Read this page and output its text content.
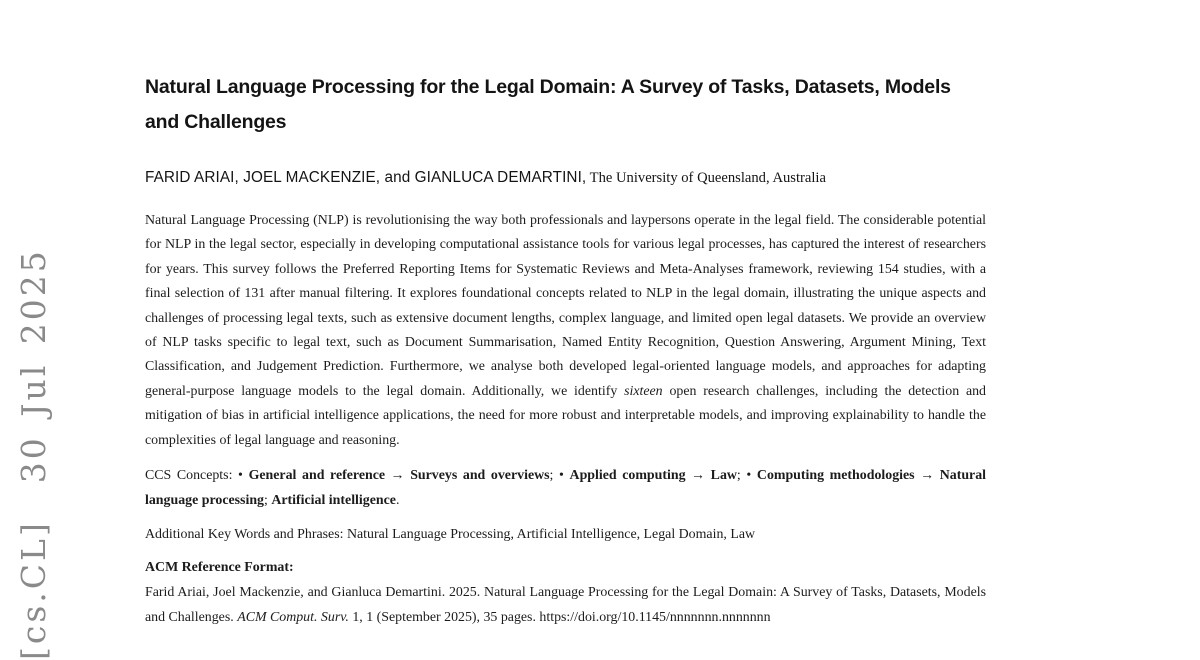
[cs.CL]  30 Jul 2025
Natural Language Processing for the Legal Domain: A Survey of Tasks, Datasets, Models and Challenges
FARID ARIAI, JOEL MACKENZIE, and GIANLUCA DEMARTINI, The University of Queensland, Australia

Natural Language Processing (NLP) is revolutionising the way both professionals and laypersons operate in the legal field. The considerable potential for NLP in the legal sector, especially in developing computational assistance tools for various legal processes, has captured the interest of researchers for years. This survey follows the Preferred Reporting Items for Systematic Reviews and Meta-Analyses framework, reviewing 154 studies, with a final selection of 131 after manual filtering. It explores foundational concepts related to NLP in the legal domain, illustrating the unique aspects and challenges of processing legal texts, such as extensive document lengths, complex language, and limited open legal datasets. We provide an overview of NLP tasks specific to legal text, such as Document Summarisation, Named Entity Recognition, Question Answering, Argument Mining, Text Classification, and Judgement Prediction. Furthermore, we analyse both developed legal-oriented language models, and approaches for adapting general-purpose language models to the legal domain. Additionally, we identify sixteen open research challenges, including the detection and mitigation of bias in artificial intelligence applications, the need for more robust and interpretable models, and improving explainability to handle the complexities of legal language and reasoning.

CCS Concepts: • General and reference → Surveys and overviews; • Applied computing → Law; • Computing methodologies → Natural language processing; Artificial intelligence.

Additional Key Words and Phrases: Natural Language Processing, Artificial Intelligence, Legal Domain, Law

ACM Reference Format:

Farid Ariai, Joel Mackenzie, and Gianluca Demartini. 2025. Natural Language Processing for the Legal Domain: A Survey of Tasks, Datasets, Models and Challenges. ACM Comput. Surv. 1, 1 (September 2025), 35 pages. https://doi.org/10.1145/nnnnnnn.nnnnnnn
